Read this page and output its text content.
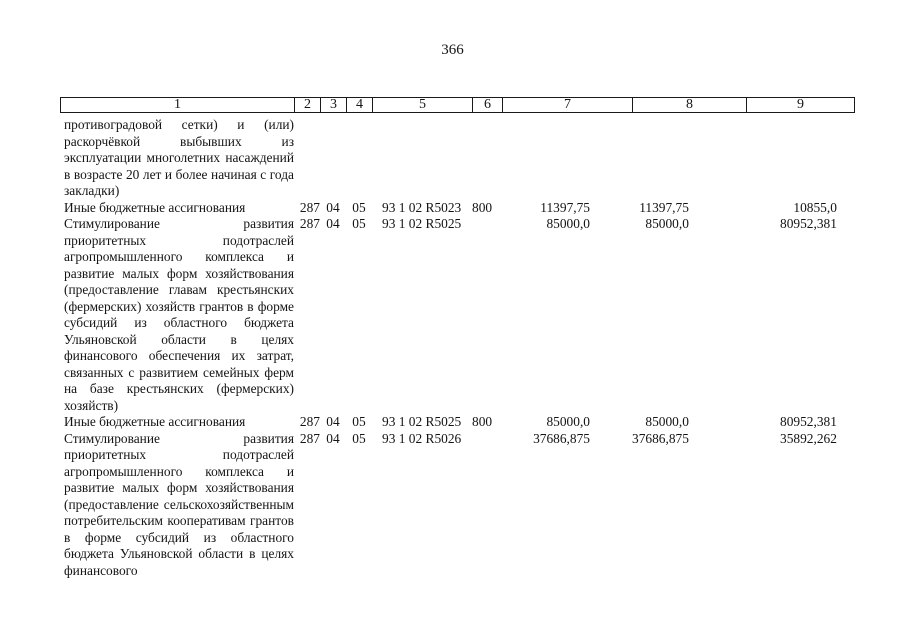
366
1	2	3	4	5	6	7	8	9
противоградовой сетки) и (или) раскорчёвкой выбывших из эксплуатации многолетних насаждений в возрасте 20 лет и более начиная с года закладки)								
Иные бюджетные ассигнования	287	04	05	93 1 02 R5023	800	11397,75	11397,75	10855,0
Стимулирование развития приоритетных подотраслей агропромышленного комплекса и развитие малых форм хозяйствования (предоставление главам крестьянских (фермерских) хозяйств грантов в форме субсидий из областного бюджета Ульяновской области в целях финансового обеспечения их затрат, связанных с развитием семейных ферм на базе крестьянских (фермерских) хозяйств)	287	04	05	93 1 02 R5025		85000,0	85000,0	80952,381
Иные бюджетные ассигнования	287	04	05	93 1 02 R5025	800	85000,0	85000,0	80952,381
Стимулирование развития приоритетных подотраслей агропромышленного комплекса и развитие малых форм хозяйствования (предоставление сельскохозяйственным потребительским кооперативам грантов в форме субсидий из областного бюджета Ульяновской области в целях финансового	287	04	05	93 1 02 R5026		37686,875	37686,875	35892,262
